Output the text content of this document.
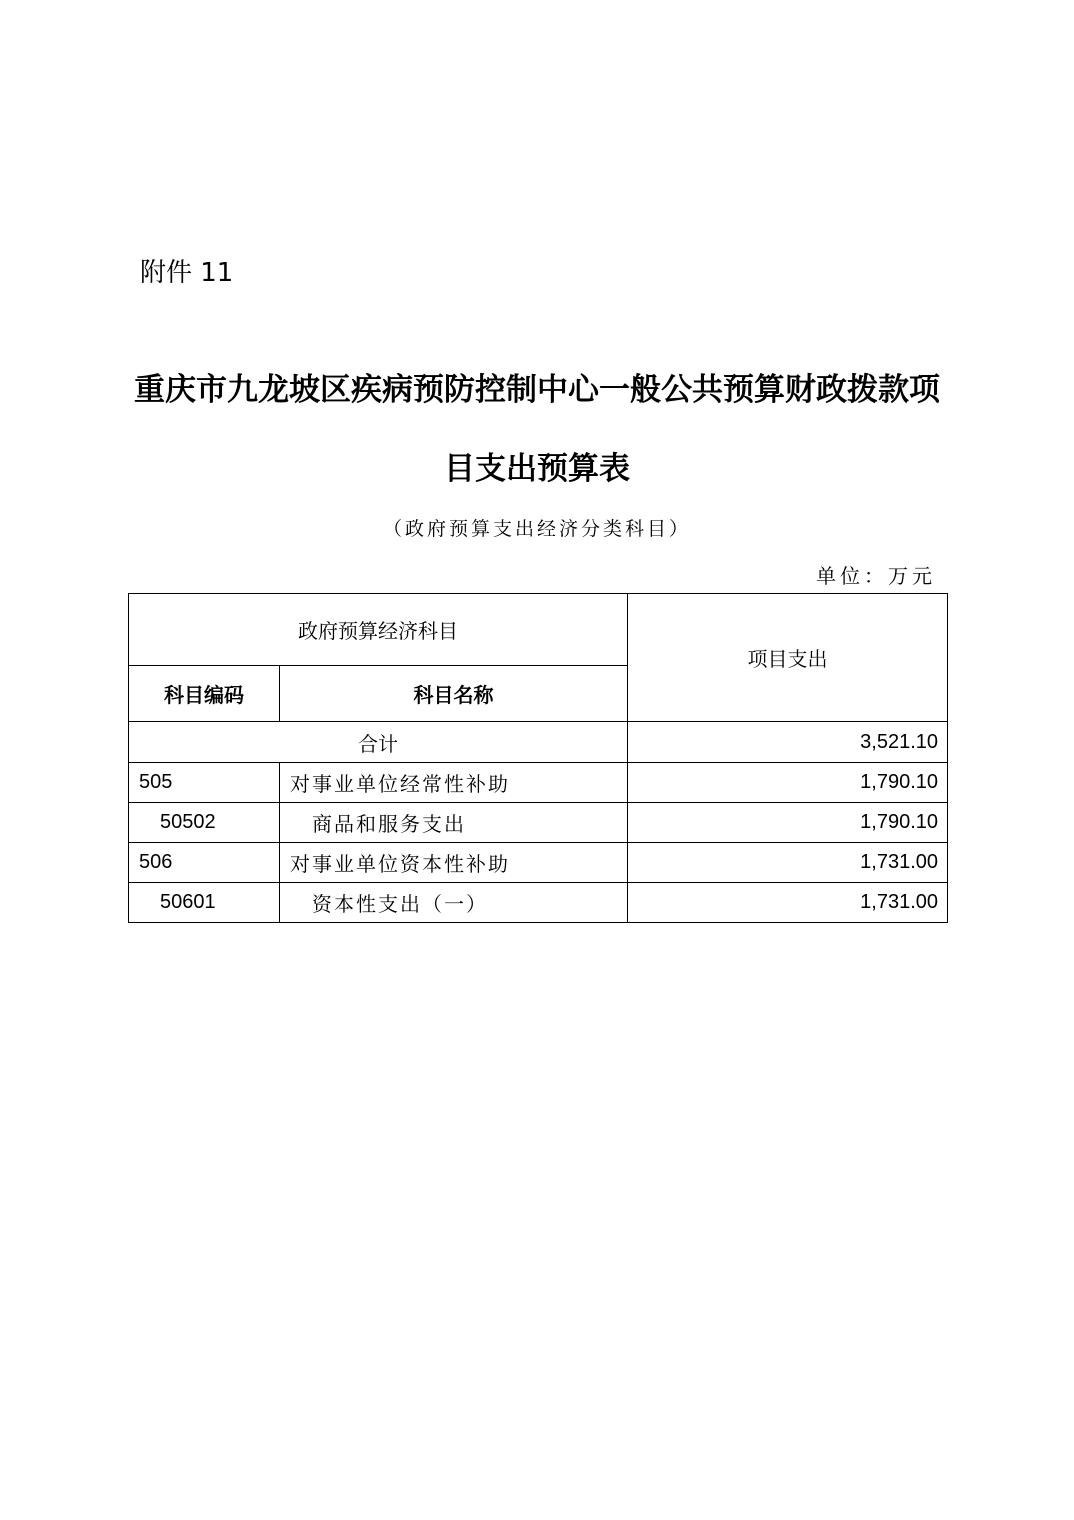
附件 11
重庆市九龙坡区疾病预防控制中心一般公共预算财政拨款项
目支出预算表
（政府预算支出经济分类科目）
单位：万元
政府预算经济科目		项目支出
科目编码	科目名称	
合计		3,521.10
505	对事业单位经常性补助	1,790.10
50502	商品和服务支出	1,790.10
506	对事业单位资本性补助	1,731.00
50601	资本性支出（一）	1,731.00
